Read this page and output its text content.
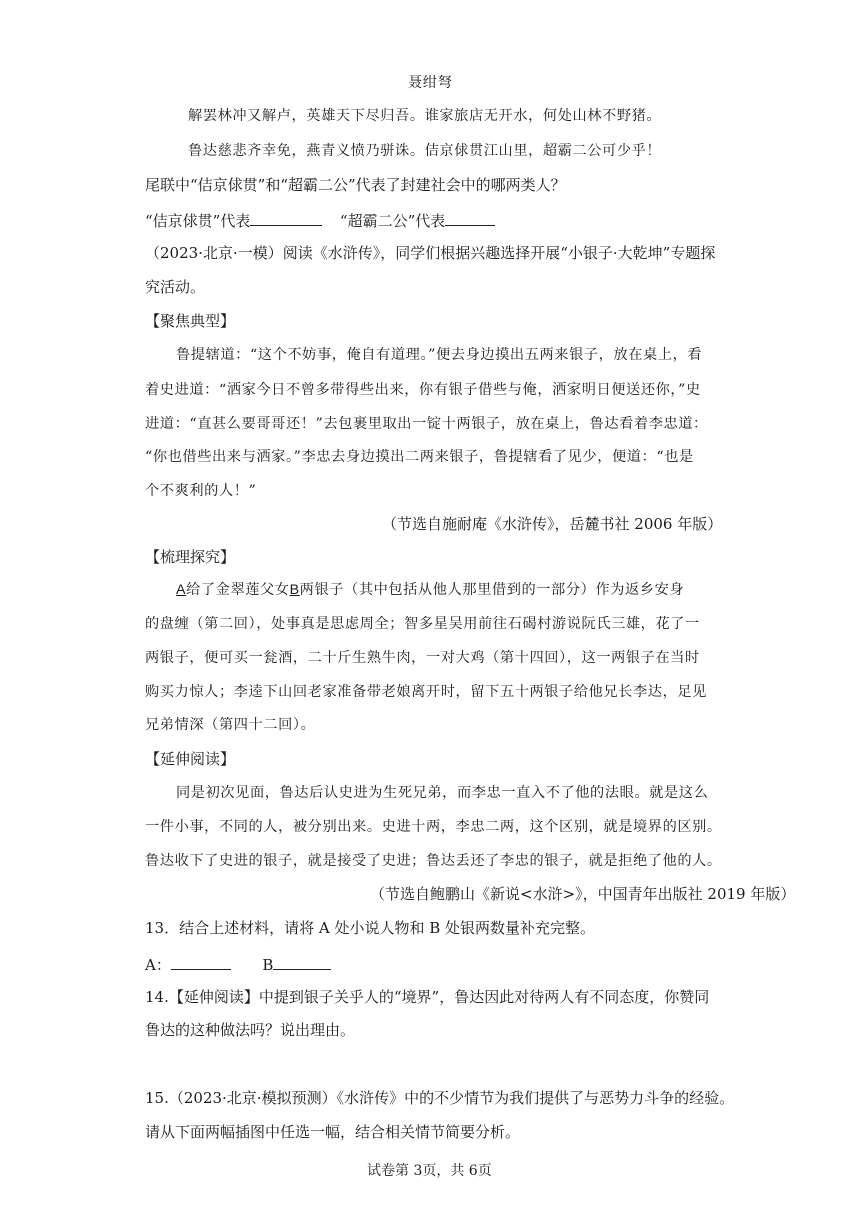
聂绀弩
解罢林冲又解卢，英雄天下尽归吾。谁家旅店无开水，何处山林不野猪。
鲁达慈悲齐幸免，燕青义愤乃骈诛。佶京俅贯江山里，超霸二公可少乎！
尾联中“佶京俅贯”和“超霸二公”代表了封建社会中的哪两类人？
“佶京俅贯”代表	“超霸二公”代表
（2023·北京·一模）阅读《水浒传》，同学们根据兴趣选择开展“小银子·大乾坤”专题探
究活动。
【聚焦典型】
鲁提辖道：“这个不妨事，俺自有道理。”便去身边摸出五两来银子，放在桌上，看
着史进道：“洒家今日不曾多带得些出来，你有银子借些与俺，洒家明日便送还你，”史
进道：“直甚么要哥哥还！”去包裹里取出一锭十两银子，放在桌上，鲁达看着李忠道：
“你也借些出来与洒家。”李忠去身边摸出二两来银子，鲁提辖看了见少，便道：“也是
个不爽利的人！”
（节选自施耐庵《水浒传》，岳麓书社 2006 年版）
【梳理探究】
A给了金翠莲父女B两银子（其中包括从他人那里借到的一部分）作为返乡安身
的盘缠（第二回），处事真是思虑周全；智多星吴用前往石碣村游说阮氏三雄，花了一
两银子，便可买一瓮酒，二十斤生熟牛肉，一对大鸡（第十四回），这一两银子在当时
购买力惊人；李逵下山回老家准备带老娘离开时，留下五十两银子给他兄长李达，足见
兄弟情深（第四十二回）。
【延伸阅读】
同是初次见面，鲁达后认史进为生死兄弟，而李忠一直入不了他的法眼。就是这么
一件小事，不同的人，被分别出来。史进十两，李忠二两，这个区别，就是境界的区别。
鲁达收下了史进的银子，就是接受了史进；鲁达丢还了李忠的银子，就是拒绝了他的人。
（节选自鲍鹏山《新说<水浒>》，中国青年出版社 2019 年版）
13．结合上述材料，请将 A 处小说人物和 B 处银两数量补充完整。
A：	B
14.【延伸阅读】中提到银子关乎人的“境界”，鲁达因此对待两人有不同态度，你赞同
鲁达的这种做法吗？说出理由。
15.（2023·北京·模拟预测）《水浒传》中的不少情节为我们提供了与恶势力斗争的经验。
请从下面两幅插图中任选一幅，结合相关情节简要分析。
试卷第 3页，共 6页
